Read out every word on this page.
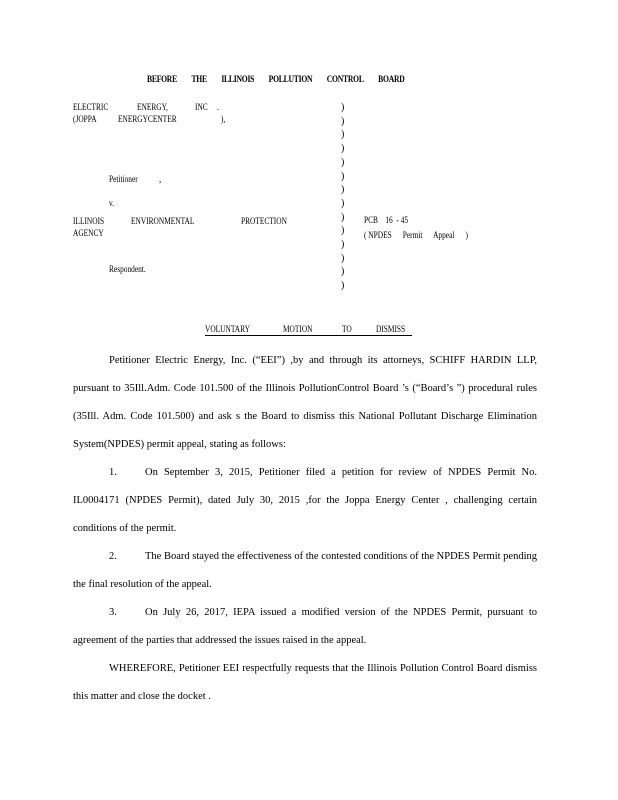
BEFORE THE ILLINOIS POLLUTION CONTROL BOARD
ELECTRIC	ENERGY,	INC	.
(JOPPA	ENERGYCENTER	),
Petitioner	,
v.
ILLINOIS	ENVIRONMENTAL	PROTECTION
AGENCY
Respondent.
)
)
)
)
)
)
)
)
)
)
)
)
)
)
PCB    16  - 45
( NPDES      Permit      Appeal      )
VOLUNTARY	MOTION	TO	DISMISS

Petitioner Electric Energy, Inc. (“EEI”) ,by and through its attorneys, SCHIFF HARDIN LLP, pursuant to 35Ill.Adm. Code 101.500 of the Illinois PollutionControl Board ’s (“Board’s ”) procedural rules (35Ill. Adm. Code 101.500) and ask s the Board to dismiss this National Pollutant Discharge Elimination System(NPDES) permit appeal, stating as follows:

1.	On September 3, 2015, Petitioner filed a petition for review of NPDES Permit No. IL0004171 (NPDES Permit), dated July 30, 2015 ,for the Joppa Energy Center , challenging certain conditions of the permit.

2.	The Board stayed the effectiveness of the contested conditions of the NPDES Permit pending the final resolution of the appeal.

3.	On July 26, 2017, IEPA issued a modified version of the NPDES Permit, pursuant to agreement of the parties that addressed the issues raised in the appeal.

WHEREFORE, Petitioner EEI respectfully requests that the Illinois Pollution Control Board dismiss this matter and close the docket .
